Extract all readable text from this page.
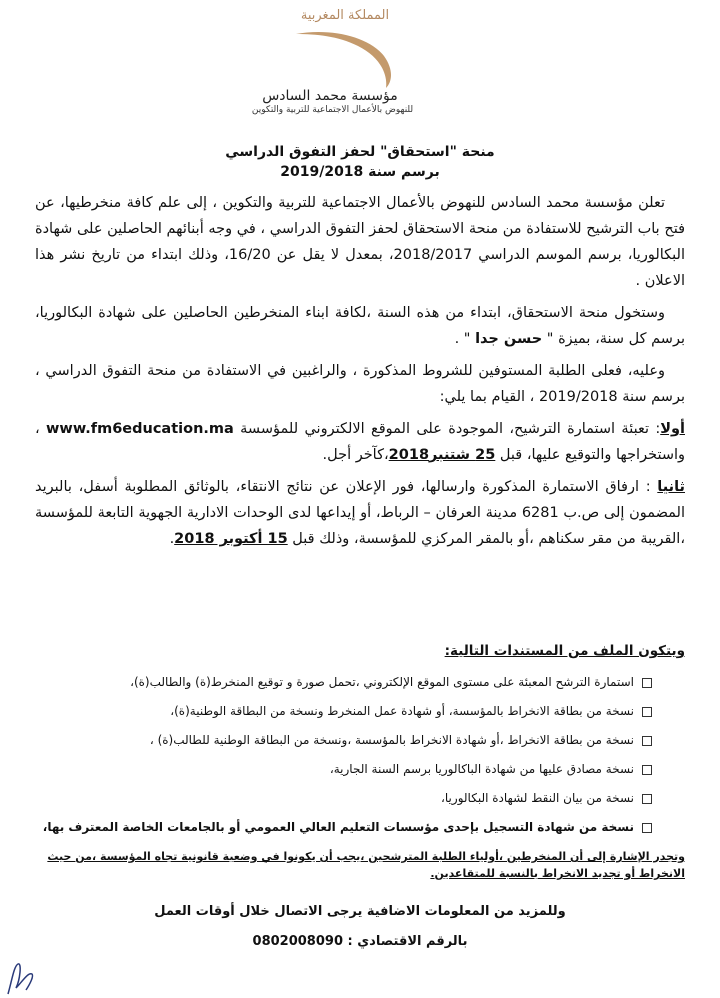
المملكة المغربية
مؤسسة محمد السادس
للنهوض بالأعمال الاجتماعية للتربية والتكوين
منحة "استحقاق" لحفز التفوق الدراسي
برسم سنة 2019/2018

تعلن مؤسسة محمد السادس للنهوض بالأعمال الاجتماعية للتربية والتكوين ، إلى علم كافة منخرطيها، عن فتح باب الترشيح للاستفادة من منحة الاستحقاق لحفز التفوق الدراسي ، في وجه أبنائهم الحاصلين على شهادة البكالوريا، برسم الموسم الدراسي 2018/2017، بمعدل لا يقل عن 16/20، وذلك ابتداء من تاريخ نشر هذا الاعلان .

وستخول منحة الاستحقاق، ابتداء من هذه السنة ،لكافة ابناء المنخرطين الحاصلين على شهادة البكالوريا، برسم كل سنة، بميزة " حسن جدا " .

وعليه، فعلى الطلبة المستوفين للشروط المذكورة ، والراغبين في الاستفادة من منحة التفوق الدراسي ، برسم سنة 2019/2018 ، القيام بما يلي:

أولا: تعبئة استمارة الترشيح، الموجودة على الموقع الالكتروني للمؤسسة www.fm6education.ma ، واستخراجها والتوقيع عليها، قبل 25 شتنبر2018،كآخر أجل.

ثانيا : ارفاق الاستمارة المذكورة وارسالها، فور الإعلان عن نتائج الانتقاء، بالوثائق المطلوبة أسفل، بالبريد المضمون إلى ص.ب 6281 مدينة العرفان – الرباط، أو إيداعها لدى الوحدات الادارية الجهوية التابعة للمؤسسة ،القريبة من مقر سكناهم ،أو بالمقر المركزي للمؤسسة، وذلك قبل 15 أكتوبر 2018.

ويتكون الملف من المستندات التالية:
استمارة الترشح المعبئة على مستوى الموقع الإلكتروني ،تحمل صورة و توقيع المنخرط(ة) والطالب(ة)،
نسخة من بطاقة الانخراط بالمؤسسة، أو شهادة عمل المنخرط ونسخة من البطاقة الوطنية(ة)،
نسخة من بطاقة الانخراط ،أو شهادة الانخراط بالمؤسسة ،ونسخة من البطاقة الوطنية للطالب(ة) ،
نسخة مصادق عليها من شهادة الباكالوريا برسم السنة الجارية،
نسخة من بيان النقط لشهادة البكالوريا،
نسخة من شهادة التسجيل بإحدى مؤسسات التعليم العالي العمومي أو بالجامعات الخاصة المعترف بها،
وتجدر الإشارة إلى أن المنخرطين ،أولياء الطلبة المترشحين ،يجب أن يكونوا في وضعية قانونية تجاه المؤسسة ،من حيث الانخراط أو تجديد الانخراط بالنسبة للمتقاعدين.
وللمزيد من المعلومات الاضافية يرجى الاتصال خلال أوقات العمل
بالرقم الاقتصادي : 0802008090
